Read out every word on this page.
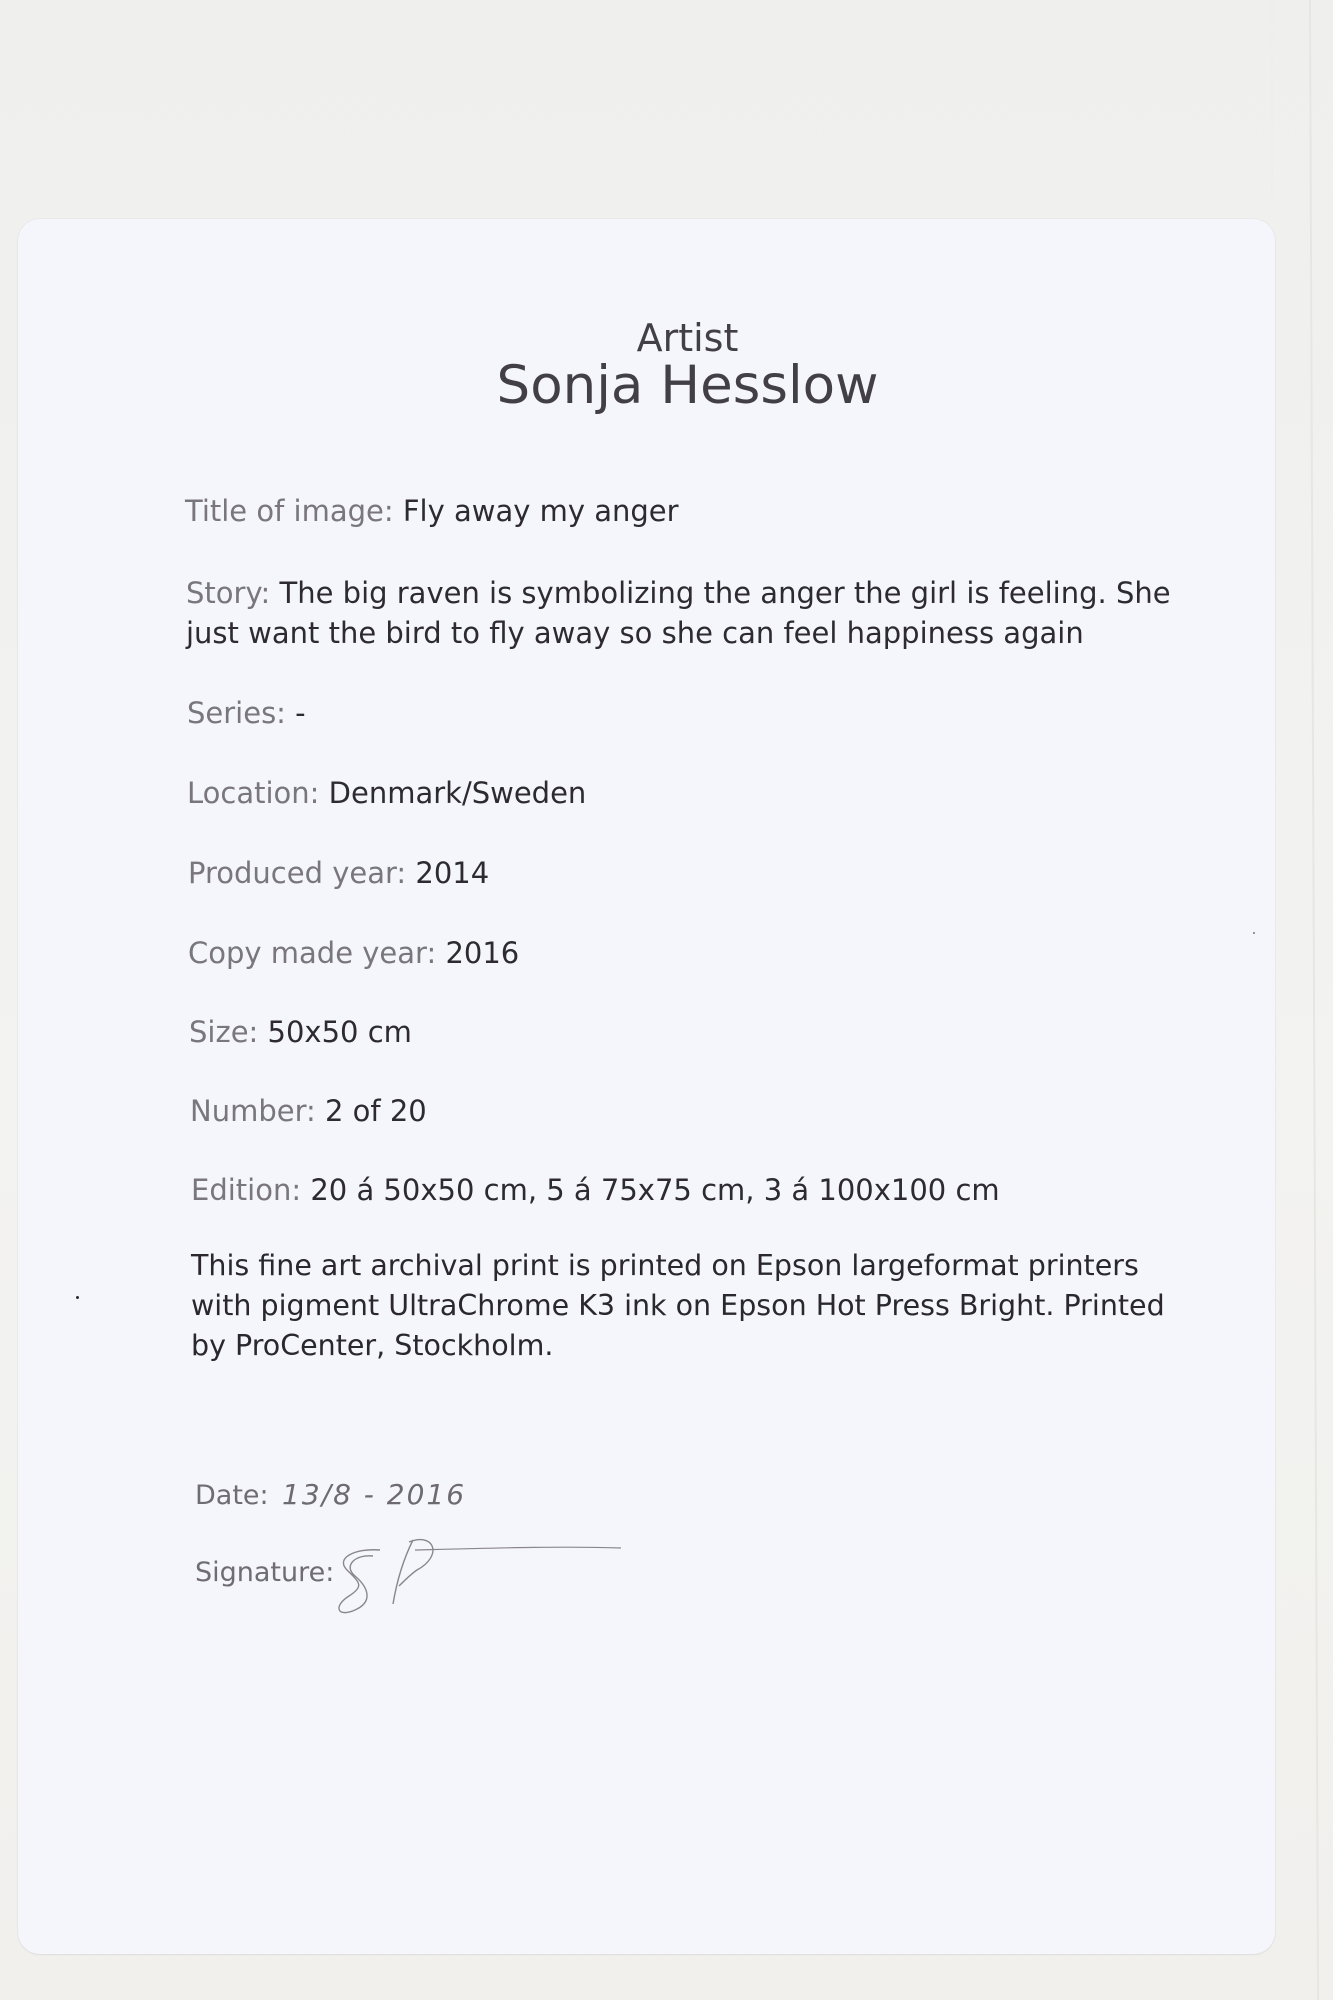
Artist
Sonja Hesslow
Title of image: Fly away my anger
Story: The big raven is symbolizing the anger the girl is feeling. She just want the bird to fly away so she can feel happiness again
Series: -
Location: Denmark/Sweden
Produced year: 2014
Copy made year: 2016
Size: 50x50 cm
Number: 2 of 20
Edition: 20 á 50x50 cm, 5 á 75x75 cm, 3 á 100x100 cm
This fine art archival print is printed on Epson largeformat printers with pigment UltraChrome K3 ink on Epson Hot Press Bright. Printed by ProCenter, Stockholm.
Date: 13/8 - 2016
Signature:
